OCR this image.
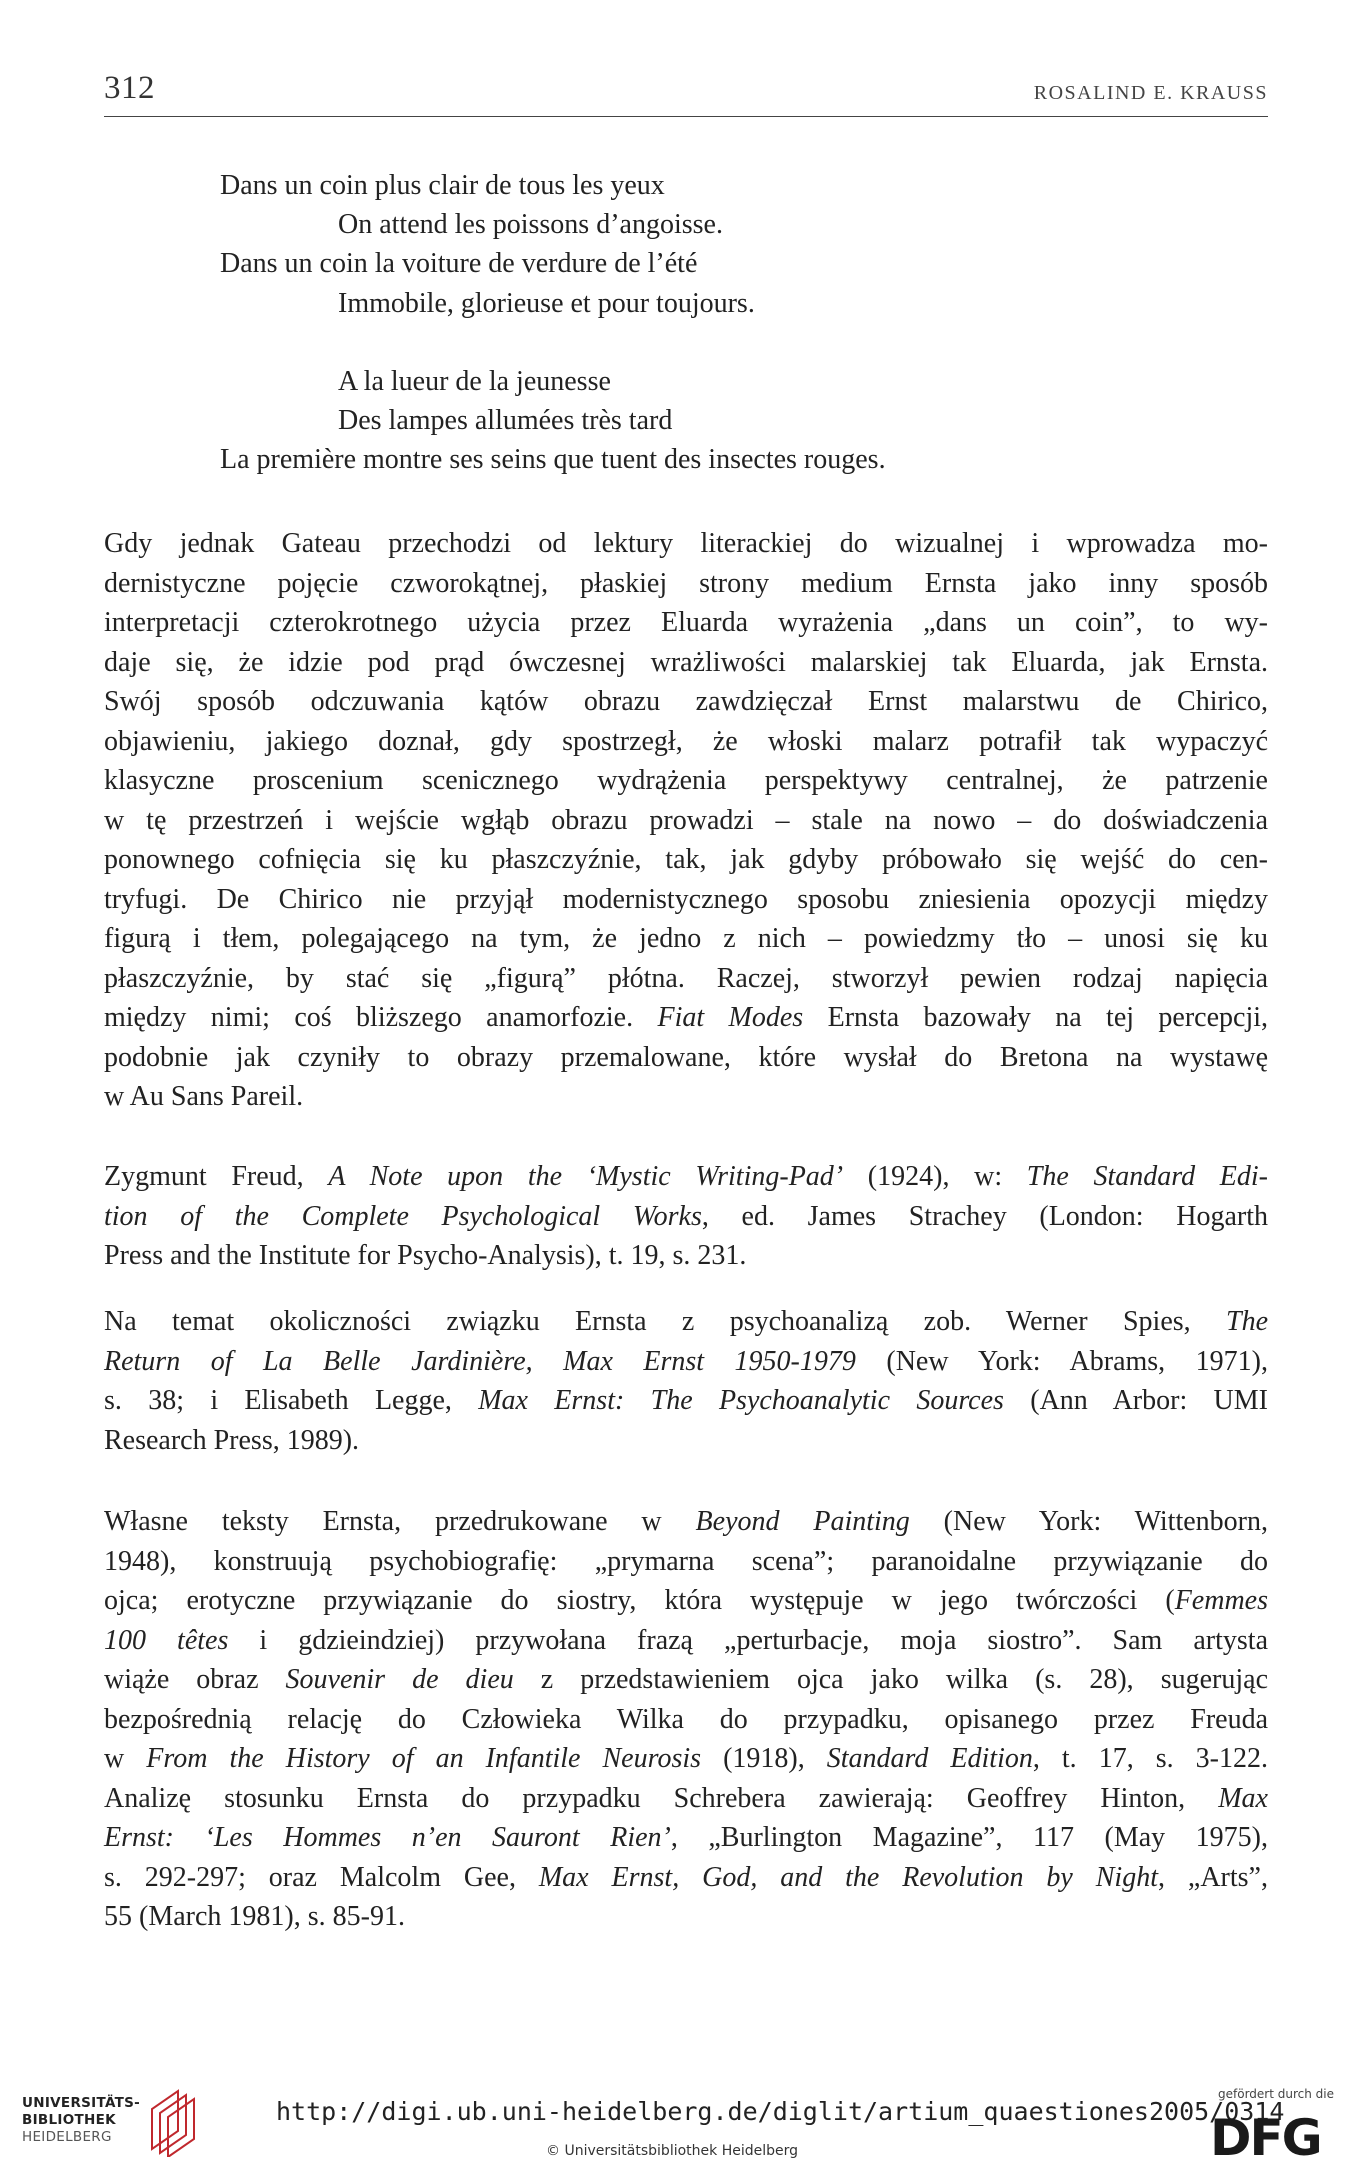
312	ROSALIND E. KRAUSS
Dans un coin plus clair de tous les yeux
On attend les poissons d’angoisse.
Dans un coin la voiture de verdure de l’été
Immobile, glorieuse et pour toujours.
A la lueur de la jeunesse
Des lampes allumées très tard
La première montre ses seins que tuent des insectes rouges.
Gdy jednak Gateau przechodzi od lektury literackiej do wizualnej i wprowadza mo-
dernistyczne pojęcie czworokątnej, płaskiej strony medium Ernsta jako inny sposób
interpretacji czterokrotnego użycia przez Eluarda wyrażenia „dans un coin”, to wy-
daje się, że idzie pod prąd ówczesnej wrażliwości malarskiej tak Eluarda, jak Ernsta.
Swój sposób odczuwania kątów obrazu zawdzięczał Ernst malarstwu de Chirico,
objawieniu, jakiego doznał, gdy spostrzegł, że włoski malarz potrafił tak wypaczyć
klasyczne proscenium scenicznego wydrążenia perspektywy centralnej, że patrzenie
w tę przestrzeń i wejście wgłąb obrazu prowadzi – stale na nowo – do doświadczenia
ponownego cofnięcia się ku płaszczyźnie, tak, jak gdyby próbowało się wejść do cen-
tryfugi. De Chirico nie przyjął modernistycznego sposobu zniesienia opozycji między
figurą i tłem, polegającego na tym, że jedno z nich – powiedzmy tło – unosi się ku
płaszczyźnie, by stać się „figurą” płótna. Raczej, stworzył pewien rodzaj napięcia
między nimi; coś bliższego anamorfozie. Fiat Modes Ernsta bazowały na tej percepcji,
podobnie jak czyniły to obrazy przemalowane, które wysłał do Bretona na wystawę
w Au Sans Pareil.
Zygmunt Freud, A Note upon the ‘Mystic Writing-Pad’ (1924), w: The Standard Edi-
tion of the Complete Psychological Works, ed. James Strachey (London: Hogarth
Press and the Institute for Psycho-Analysis), t. 19, s. 231.
Na temat okoliczności związku Ernsta z psychoanalizą zob. Werner Spies, The
Return of La Belle Jardinière, Max Ernst 1950-1979 (New York: Abrams, 1971),
s. 38; i Elisabeth Legge, Max Ernst: The Psychoanalytic Sources (Ann Arbor: UMI
Research Press, 1989).
Własne teksty Ernsta, przedrukowane w Beyond Painting (New York: Wittenborn,
1948), konstruują psychobiografię: „prymarna scena”; paranoidalne przywiązanie do
ojca; erotyczne przywiązanie do siostry, która występuje w jego twórczości (Femmes
100 têtes i gdzieindziej) przywołana frazą „perturbacje, moja siostro”. Sam artysta
wiąże obraz Souvenir de dieu z przedstawieniem ojca jako wilka (s. 28), sugerując
bezpośrednią relację do Człowieka Wilka do przypadku, opisanego przez Freuda
w From the History of an Infantile Neurosis (1918), Standard Edition, t. 17, s. 3-122.
Analizę stosunku Ernsta do przypadku Schrebera zawierają: Geoffrey Hinton, Max
Ernst: ‘Les Hommes n’en Sauront Rien’, „Burlington Magazine”, 117 (May 1975),
s. 292-297; oraz Malcolm Gee, Max Ernst, God, and the Revolution by Night, „Arts”,
55 (March 1981), s. 85-91.
UNIVERSITÄTS-
BIBLIOTHEK
HEIDELBERG
http://digi.ub.uni-heidelberg.de/diglit/artium_quaestiones2005/0314
© Universitätsbibliothek Heidelberg
gefördert durch die
DFG
